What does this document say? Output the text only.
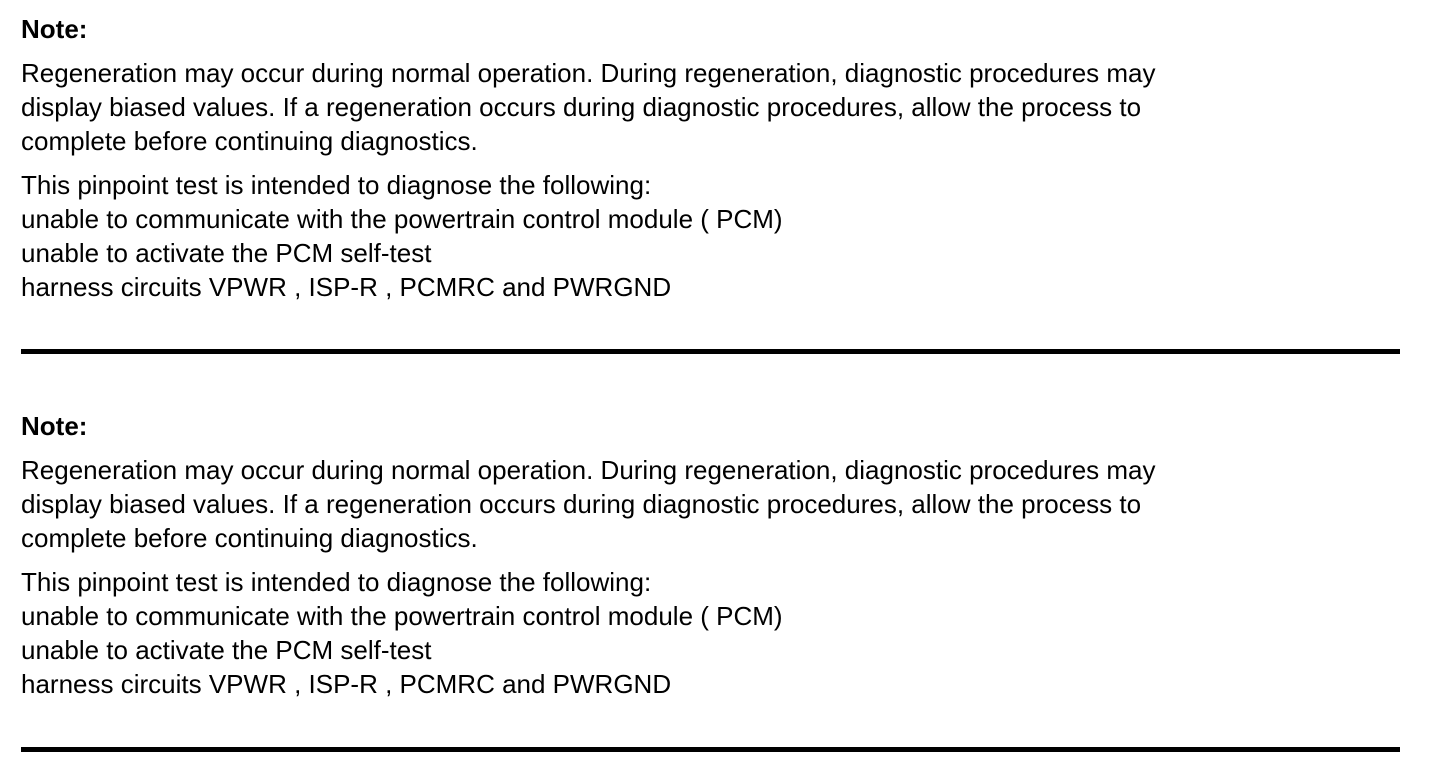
Note:

Regeneration may occur during normal operation. During regeneration, diagnostic procedures may
display biased values. If a regeneration occurs during diagnostic procedures, allow the process to
complete before continuing diagnostics.

This pinpoint test is intended to diagnose the following:

unable to communicate with the powertrain control module ( PCM)
unable to activate the PCM self-test
harness circuits VPWR , ISP-R , PCMRC and PWRGND

Note:

Regeneration may occur during normal operation. During regeneration, diagnostic procedures may
display biased values. If a regeneration occurs during diagnostic procedures, allow the process to
complete before continuing diagnostics.

This pinpoint test is intended to diagnose the following:

unable to communicate with the powertrain control module ( PCM)
unable to activate the PCM self-test
harness circuits VPWR , ISP-R , PCMRC and PWRGND
